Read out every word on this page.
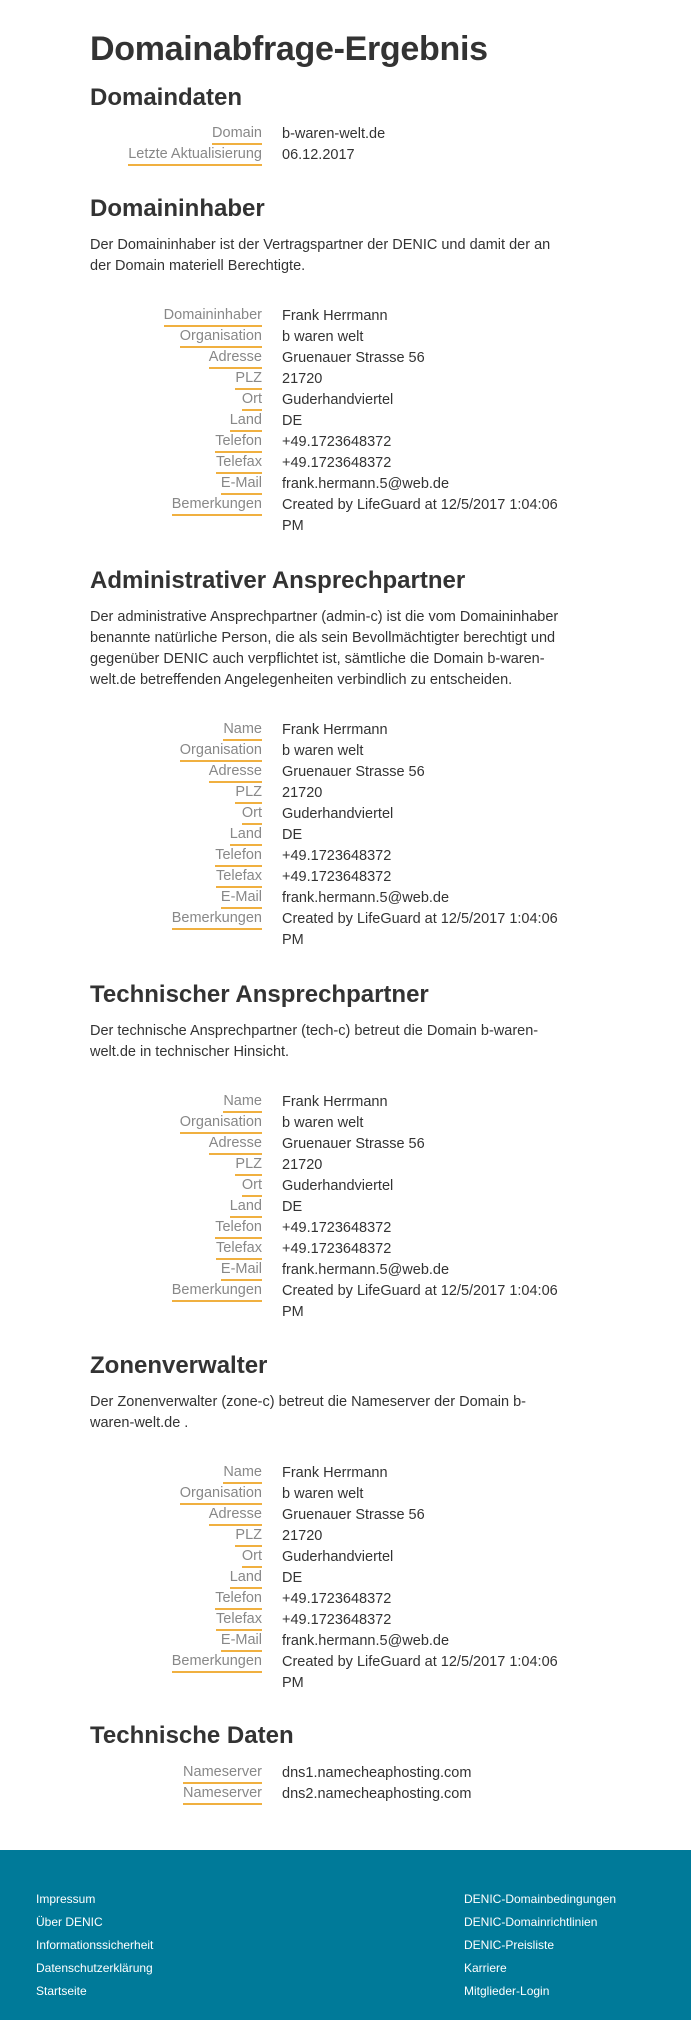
Domainabfrage-Ergebnis
Domaindaten
Domain b-waren-welt.de
Letzte Aktualisierung 06.12.2017
Domaininhaber

Der Domaininhaber ist der Vertragspartner der DENIC und damit der an der Domain materiell Berechtigte.

Domaininhaber Frank Herrmann
Organisation b waren welt
Adresse Gruenauer Strasse 56
PLZ 21720
Ort Guderhandviertel
Land DE
Telefon +49.1723648372
Telefax +49.1723648372
E-Mail frank.hermann.5@web.de
Bemerkungen Created by LifeGuard at 12/5/2017 1:04:06 PM
Administrativer Ansprechpartner

Der administrative Ansprechpartner (admin-c) ist die vom Domaininhaber benannte natürliche Person, die als sein Bevollmächtigter berechtigt und gegenüber DENIC auch verpflichtet ist, sämtliche die Domain b-waren-welt.de betreffenden Angelegenheiten verbindlich zu entscheiden.

Name Frank Herrmann
Organisation b waren welt
Adresse Gruenauer Strasse 56
PLZ 21720
Ort Guderhandviertel
Land DE
Telefon +49.1723648372
Telefax +49.1723648372
E-Mail frank.hermann.5@web.de
Bemerkungen Created by LifeGuard at 12/5/2017 1:04:06 PM
Technischer Ansprechpartner

Der technische Ansprechpartner (tech-c) betreut die Domain b-waren-welt.de in technischer Hinsicht.

Name Frank Herrmann
Organisation b waren welt
Adresse Gruenauer Strasse 56
PLZ 21720
Ort Guderhandviertel
Land DE
Telefon +49.1723648372
Telefax +49.1723648372
E-Mail frank.hermann.5@web.de
Bemerkungen Created by LifeGuard at 12/5/2017 1:04:06 PM
Zonenverwalter

Der Zonenverwalter (zone-c) betreut die Nameserver der Domain b-waren-welt.de .

Name Frank Herrmann
Organisation b waren welt
Adresse Gruenauer Strasse 56
PLZ 21720
Ort Guderhandviertel
Land DE
Telefon +49.1723648372
Telefax +49.1723648372
E-Mail frank.hermann.5@web.de
Bemerkungen Created by LifeGuard at 12/5/2017 1:04:06 PM
Technische Daten
Nameserver dns1.namecheaphosting.com
Nameserver dns2.namecheaphosting.com
Impressum
Über DENIC
Informationssicherheit
Datenschutzerklärung
Startseite
DENIC-Domainbedingungen
DENIC-Domainrichtlinien
DENIC-Preisliste
Karriere
Mitglieder-Login
